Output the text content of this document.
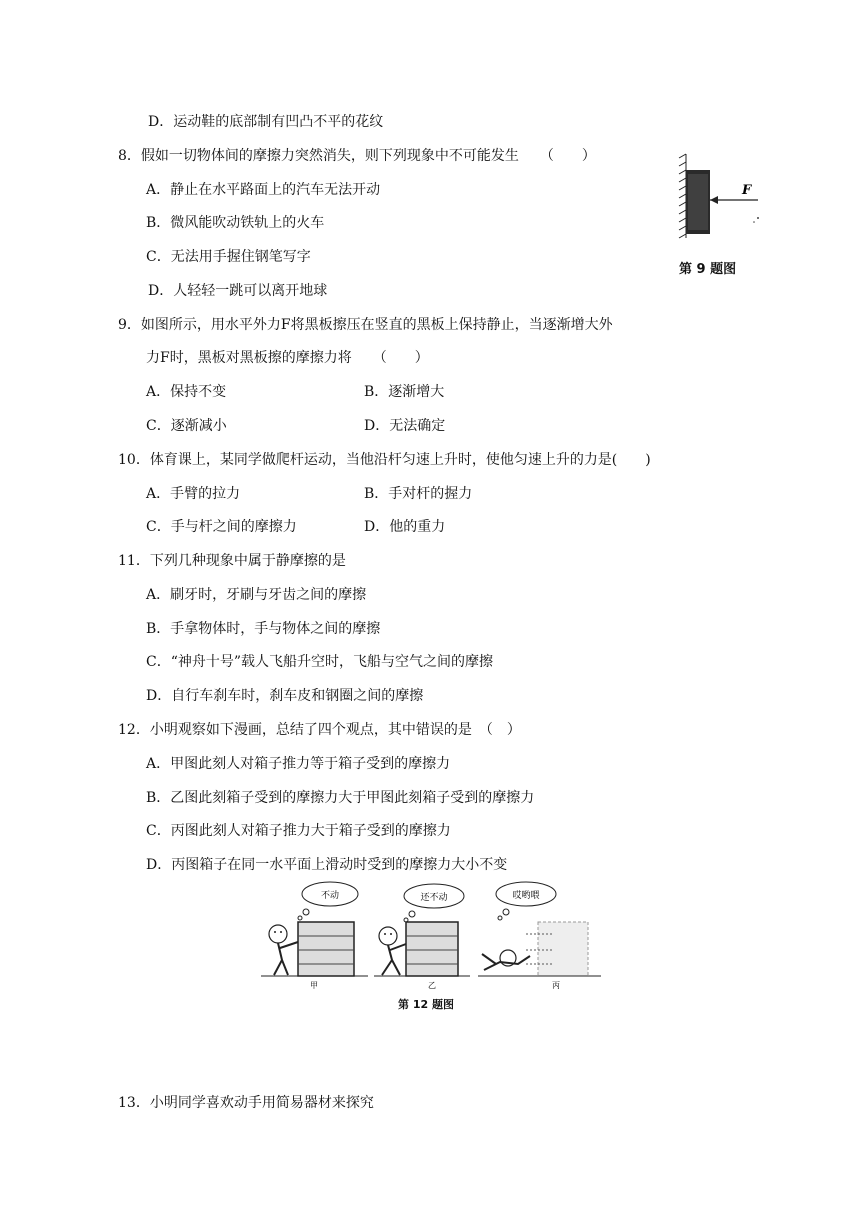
D．运动鞋的底部制有凹凸不平的花纹
8．假如一切物体间的摩擦力突然消失，则下列现象中不可能发生　　（　　）
A．静止在水平路面上的汽车无法开动
B．微风能吹动铁轨上的火车
C．无法用手握住钢笔写字
D．人轻轻一跳可以离开地球
9．如图所示，用水平外力F将黑板擦压在竖直的黑板上保持静止，当逐渐增大外
力F时，黑板对黑板擦的摩擦力将　　（　　）
A．保持不变	B．逐渐增大
C．逐渐减小	D．无法确定
10．体育课上，某同学做爬杆运动，当他沿杆匀速上升时，使他匀速上升的力是(　　)
A．手臂的拉力	B．手对杆的握力
C．手与杆之间的摩擦力	D．他的重力
11．下列几种现象中属于静摩擦的是
A．刷牙时，牙刷与牙齿之间的摩擦
B．手拿物体时，手与物体之间的摩擦
C．“神舟十号”载人飞船升空时，飞船与空气之间的摩擦
D．自行车刹车时，刹车皮和钢圈之间的摩擦
12．小明观察如下漫画，总结了四个观点，其中错误的是　（　）
A．甲图此刻人对箱子推力等于箱子受到的摩擦力
B．乙图此刻箱子受到的摩擦力大于甲图此刻箱子受到的摩擦力
C．丙图此刻人对箱子推力大于箱子受到的摩擦力
D．丙图箱子在同一水平面上滑动时受到的摩擦力大小不变
13．小明同学喜欢动手用简易器材来探究
F
第 9 题图
不动
甲
还不动
乙
哎哟喂
丙
第 12 题图
